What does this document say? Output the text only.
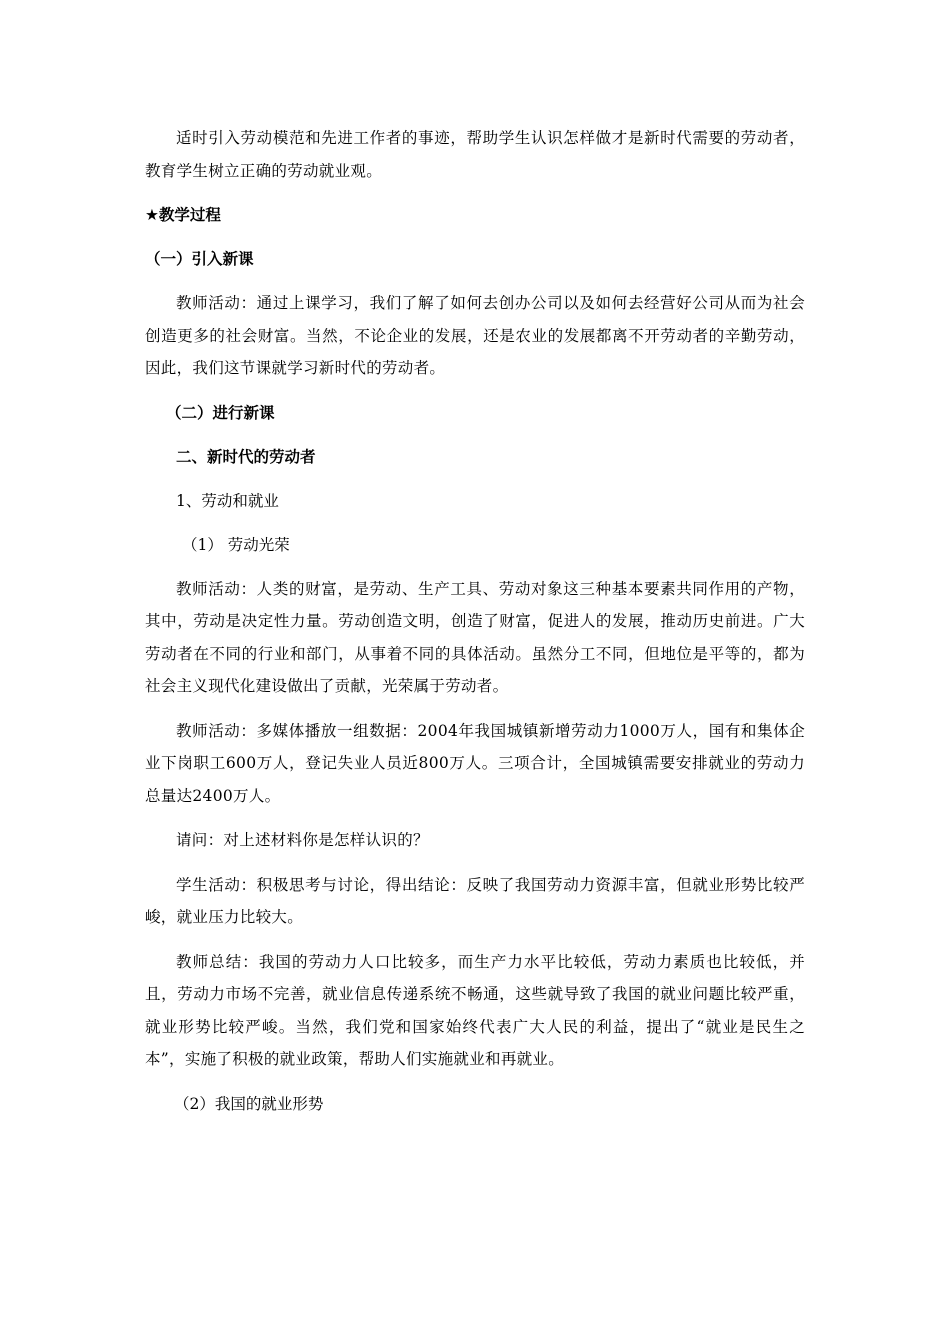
适时引入劳动模范和先进工作者的事迹，帮助学生认识怎样做才是新时代需要的劳动者，教育学生树立正确的劳动就业观。

★教学过程
（一）引入新课

教师活动：通过上课学习，我们了解了如何去创办公司以及如何去经营好公司从而为社会创造更多的社会财富。当然，不论企业的发展，还是农业的发展都离不开劳动者的辛勤劳动，因此，我们这节课就学习新时代的劳动者。

（二）进行新课
二、新时代的劳动者
1、劳动和就业
（1） 劳动光荣

教师活动：人类的财富，是劳动、生产工具、劳动对象这三种基本要素共同作用的产物，其中，劳动是决定性力量。劳动创造文明，创造了财富，促进人的发展，推动历史前进。广大劳动者在不同的行业和部门，从事着不同的具体活动。虽然分工不同，但地位是平等的，都为社会主义现代化建设做出了贡献，光荣属于劳动者。

教师活动：多媒体播放一组数据：2004年我国城镇新增劳动力1000万人，国有和集体企业下岗职工600万人，登记失业人员近800万人。三项合计，全国城镇需要安排就业的劳动力总量达2400万人。

请问：对上述材料你是怎样认识的？

学生活动：积极思考与讨论，得出结论：反映了我国劳动力资源丰富，但就业形势比较严峻，就业压力比较大。

教师总结：我国的劳动力人口比较多，而生产力水平比较低，劳动力素质也比较低，并且，劳动力市场不完善，就业信息传递系统不畅通，这些就导致了我国的就业问题比较严重，就业形势比较严峻。当然，我们党和国家始终代表广大人民的利益，提出了“就业是民生之本”，实施了积极的就业政策，帮助人们实施就业和再就业。

（2）我国的就业形势
